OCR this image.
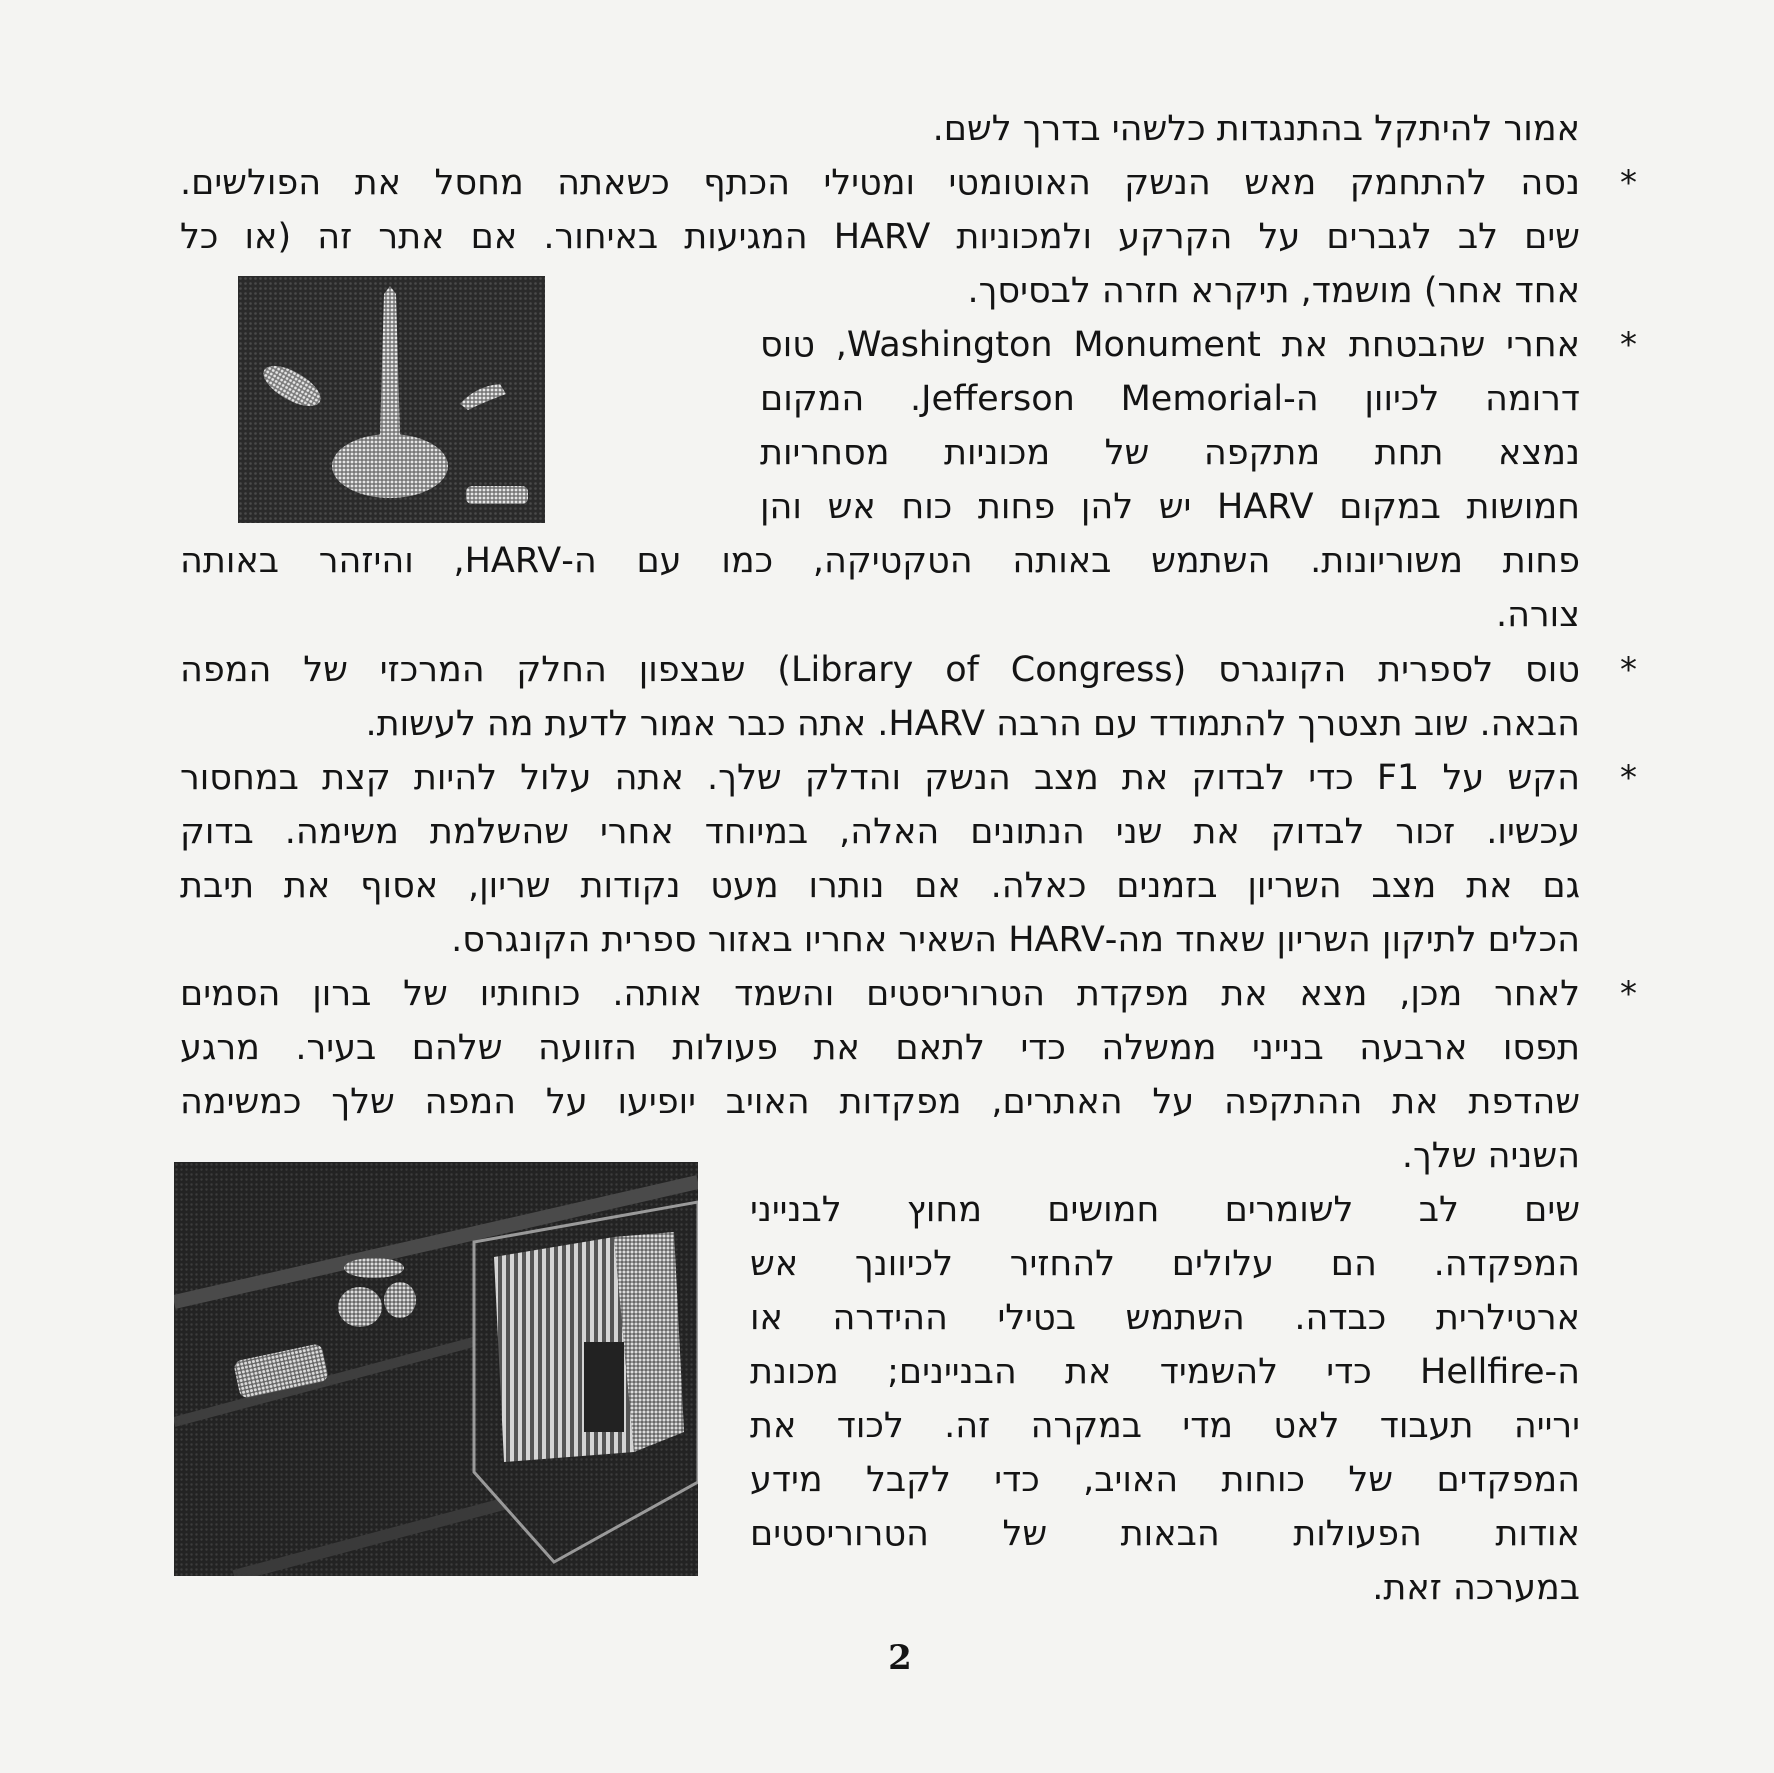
*
*
*
*
*
אמור להיתקל בהתנגדות כלשהי בדרך לשם.
נסה להתחמק מאש הנשק האוטומטי ומטילי הכתף כשאתה מחסל את הפולשים.
שים לב לגברים על הקרקע ולמכוניות HARV המגיעות באיחור. אם אתר זה (או כל
אחד אחר) מושמד, תיקרא חזרה לבסיסך.
אחרי שהבטחת את Washington Monument, טוס
דרומה לכיוון ה-Jefferson Memorial. המקום
נמצא תחת מתקפה של מכוניות מסחריות
חמושות במקום HARV יש להן פחות כוח אש והן
פחות משוריונות. השתמש באותה הטקטיקה, כמו עם ה-HARV, והיזהר באותה
צורה.
טוס לספרית הקונגרס (Library of Congress) שבצפון החלק המרכזי של המפה
הבאה. שוב תצטרך להתמודד עם הרבה HARV. אתה כבר אמור לדעת מה לעשות.
הקש על F1 כדי לבדוק את מצב הנשק והדלק שלך. אתה עלול להיות קצת במחסור
עכשיו. זכור לבדוק את שני הנתונים האלה, במיוחד אחרי שהשלמת משימה. בדוק
גם את מצב השריון בזמנים כאלה. אם נותרו מעט נקודות שריון, אסוף את תיבת
הכלים לתיקון השריון שאחד מה-HARV השאיר אחריו באזור ספרית הקונגרס.
לאחר מכן, מצא את מפקדת הטרוריסטים והשמד אותה. כוחותיו של ברון הסמים
תפסו ארבעה בנייני ממשלה כדי לתאם את פעולות הזוועה שלהם בעיר. מרגע
שהדפת את ההתקפה על האתרים, מפקדות האויב יופיעו על המפה שלך כמשימה
השניה שלך.
שים לב לשומרים חמושים מחוץ לבנייני
המפקדה. הם עלולים להחזיר לכיוונך אש
ארטילרית כבדה. השתמש בטילי ההידרה או
ה-Hellfire כדי להשמיד את הבניינים; מכונת
ירייה תעבוד לאט מדי במקרה זה. לכוד את
המפקדים של כוחות האויב, כדי לקבל מידע
אודות הפעולות הבאות של הטרוריסטים
במערכה זאת.
2
